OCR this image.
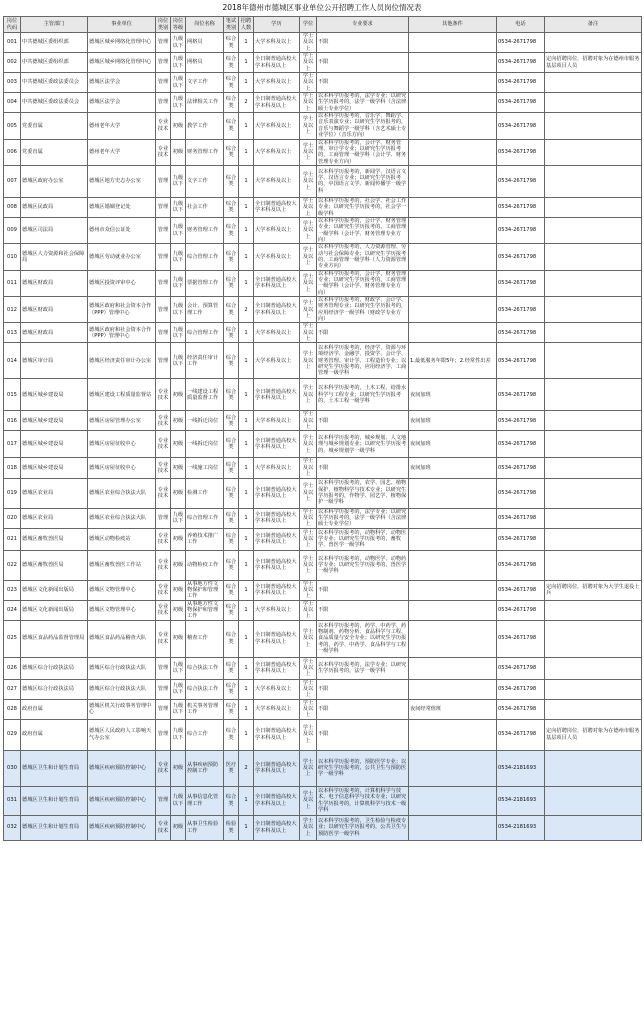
2018年德州市德城区事业单位公开招聘工作人员岗位情况表
岗位代码	主管部门	事业单位	岗位类别	岗位等级	岗位名称	笔试类别	招聘人数	学历	学位	专业要求	其他条件	电话	备注
001	中共德城区委组织部	德城区城乡网络化管理中心	管理	九级以下	网格员	综合类	1	大学本科及以上	学士及以上	不限		0534-2671798	
002	中共德城区委组织部	德城区城乡网络化管理中心	管理	九级以下	网格员	综合类	1	全日制普通高校大学本科及以上	学士及以上	不限		0534-2671798	定向招聘岗位，招聘对象为在德州市服务基层项目人员
003	中共德城区委政法委员会	德城区法学会	管理	九级以下	文字工作	综合类	1	大学本科及以上	学士及以上	不限		0534-2671798	
004	中共德城区委政法委员会	德城区法学会	管理	九级以下	法律相关工作	综合类	2	全日制普通高校大学本科及以上	学士及以上	以本科学历报考的，法学专业；以研究生学历报考的，法学一级学科（含法律硕士专业学位）		0534-2671798	
005	党委直属	德州老年大学	专业技术	初级	教学工作	综合类	1	大学本科及以上	学士及以上	以本科学历报考的，音乐学、舞蹈学、音乐表演专业；以研究生学历报考的，音乐与舞蹈学一级学科（含艺术硕士专业学位）（音乐方向）		0534-2671798	
006	党委直属	德州老年大学	专业技术	初级	财务管理工作	综合类	1	大学本科及以上	学士及以上	以本科学历报考的，会计学、财务管理、审计学专业；以研究生学历报考的，工商管理一级学科（会计学、财务管理专业方向）		0534-2671798	
007	德城区政府办公室	德城区地方史志办公室	管理	九级以下	文字工作	综合类	1	大学本科及以上	学士及以上	以本科学历报考的，新闻学、汉语言文学、汉语言专业；以研究生学历报考的，中国语言文学、新闻传播学一级学科		0534-2671798	
008	德城区民政局	德城区婚姻登记处	管理	九级以下	社会工作	综合类	1	全日制普通高校大学本科及以上	学士及以上	以本科学历报考的，社会学、社会工作专业；以研究生学历报考的，社会学一级学科		0534-2671798	
009	德城区司法局	德州市众信公证处	管理	九级以下	财务管理工作	综合类	1	大学本科及以上	学士及以上	以本科学历报考的，会计学、财务管理专业；以研究生学历报考的，工商管理一级学科（会计学、财务管理专业方向）		0534-2671798	
010	德城区人力资源和社会保障局	德城区劳动就业办公室	管理	九级以下	综合管理工作	综合类	1	大学本科及以上	学士及以上	以本科学历报考的，人力资源管理、劳动与社会保障专业；以研究生学历报考的，工商管理一级学科（人力资源管理专业方向）		0534-2671798	
011	德城区财政局	德城区投资评审中心	管理	九级以下	票据管理工作	综合类	1	全日制普通高校大学本科及以上	学士及以上	以本科学历报考的，会计学、财务管理专业；以研究生学历报考的，工商管理一级学科（会计学、财务管理专业方向）		0534-2671798	
012	德城区财政局	德城区政府和社会资本合作（PPP）管理中心	管理	九级以下	会计、预算管理工作	综合类	2	全日制普通高校大学本科及以上	学士及以上	以本科学历报考的，财政学、会计学、财务管理专业；以研究生学历报考的，应用经济学一级学科（财政学专业方向）		0534-2671798	
013	德城区财政局	德城区政府和社会资本合作（PPP）管理中心	管理	九级以下	综合管理工作	综合类	1	大学本科及以上	学士及以上	不限		0534-2671798	
014	德城区审计局	德城区经济责任审计办公室	管理	九级以下	经济责任审计工作	综合类	1	大学本科及以上	学士及以上	以本科学历报考的，经济学、资源与环境经济学、金融学、投资学、会计学、财务管理、审计学、工程造价专业；以研究生学历报考的，应用经济学、工商管理一级学科	1.最低服务年限5年；2.经常性出差	0534-2671798	
015	德城区城乡建设局	德城区建设工程质量监督站	专业技术	初级	一线建设工程质量监督工作	综合类	1	全日制普通高校大学本科及以上	学士及以上	以本科学历报考的，土木工程、给排水科学与工程专业；以研究生学历报考的，土木工程一级学科	夜间加班	0534-2671798	
016	德城区城乡建设局	德城区房屋管理办公室	专业技术	初级	一线拆迁岗位	综合类	1	大学本科及以上	学士及以上	不限	夜间加班	0534-2671798	
017	德城区城乡建设局	德城区房屋征收中心	专业技术	初级	一线拆迁岗位	综合类	1	全日制普通高校大学本科及以上	学士及以上	以本科学历报考的，城乡规划、人文地理与城乡规划专业；以研究生学历报考的，城乡规划学一级学科	夜间加班	0534-2671798	
018	德城区城乡建设局	德城区房屋征收中心	专业技术	初级	一线施工岗位	综合类	1	大学本科及以上	学士及以上	不限	夜间加班	0534-2671798	
019	德城区农业局	德城区农业综合执法大队	专业技术	初级	检测工作	综合类	1	全日制普通高校大学本科及以上	学士及以上	以本科学历报考的，农学、园艺、植物保护、植物科学与技术专业；以研究生学历报考的，作物学、园艺学、植物保护一级学科		0534-2671798	
020	德城区农业局	德城区农业综合执法大队	管理	九级以下	综合管理工作	综合类	1	全日制普通高校大学本科及以上	学士及以上	以本科学历报考的，法学专业；以研究生学历报考的，法学一级学科（含法律硕士专业学位）		0534-2671798	
021	德城区畜牧兽医局	德城区动物检疫站	专业技术	初级	养殖技术推广工作	综合类	1	全日制普通高校大学本科及以上	学士及以上	以本科学历报考的，动物科学、动物医学专业；以研究生学历报考的，畜牧学、兽医学一级学科		0534-2671798	
022	德城区畜牧兽医局	德城区畜牧兽医工作站	专业技术	初级	动物检疫工作	综合类	1	全日制普通高校大学本科及以上	学士及以上	以本科学历报考的，动物医学、动物药学专业；以研究生学历报考的，兽医学一级学科		0534-2671798	
023	德城区文化新闻出版局	德城区文物管理中心	专业技术	初级	从事地方性文物保护和管理工作	综合类	1	全日制普通高校大学本科及以上	学士及以上	不限		0534-2671798	定向招聘岗位，招聘对象为大学生退役士兵
024	德城区文化新闻出版局	德城区文物管理中心	专业技术	初级	从事地方性文物保护和管理工作	综合类	1	大学本科及以上	学士及以上	不限		0534-2671798	
025	德城区食品药品监督管理局	德城区食品药品稽查大队	专业技术	初级	稽查工作	综合类	1	全日制普通高校大学本科及以上	学士及以上	以本科学历报考的，药学、中药学、药物制剂、药物分析、食品科学与工程、食品质量与安全专业；以研究生学历报考的，药学、中药学、食品科学与工程一级学科		0534-2671798	
026	德城区综合行政执法局	德城区综合行政执法大队	管理	九级以下	综合执法工作	综合类	1	全日制普通高校大学本科及以上	学士及以上	以本科学历报考的，法学专业；以研究生学历报考的，法学一级学科		0534-2671798	
027	德城区综合行政执法局	德城区综合行政执法大队	管理	九级以下	综合执法工作	综合类	1	大学本科及以上	学士及以上	不限		0534-2671798	
028	政府直属	德城区机关行政事务管理中心	管理	九级以下	机关事务管理工作	综合类	1	大学本科及以上	学士及以上	不限	夜间经常值班	0534-2671798	
029	政府直属	德城区人民政府人工影响天气办公室	管理	九级以下	综合工作	综合类	1	全日制普通高校大学本科及以上	学士及以上	不限		0534-2671798	定向招聘岗位，招聘对象为在德州市服务基层项目人员
030	德城区卫生和计划生育局	德城区疾病预防控制中心	专业技术	初级	从事疾病预防控制工作	医疗类	2	全日制普通高校大学本科及以上	学士及以上	以本科学历报考的，预防医学专业；以研究生学历报考的，公共卫生与预防医学一级学科		0534-2181693	
031	德城区卫生和计划生育局	德城区疾病预防控制中心	管理	九级以下	从事信息化管理工作	综合类	1	全日制普通高校大学本科及以上	学士及以上	以本科学历报考的，计算机科学与技术、电子信息科学与技术专业；以研究生学历报考的，计算机科学与技术一级学科		0534-2181693	
032	德城区卫生和计划生育局	德城区疾病预防控制中心	专业技术	初级	从事卫生检验工作	检验类	1	全日制普通高校大学本科及以上	学士及以上	以本科学历报考的，卫生检验与检疫专业；以研究生学历报考的，公共卫生与预防医学一级学科		0534-2181693	
